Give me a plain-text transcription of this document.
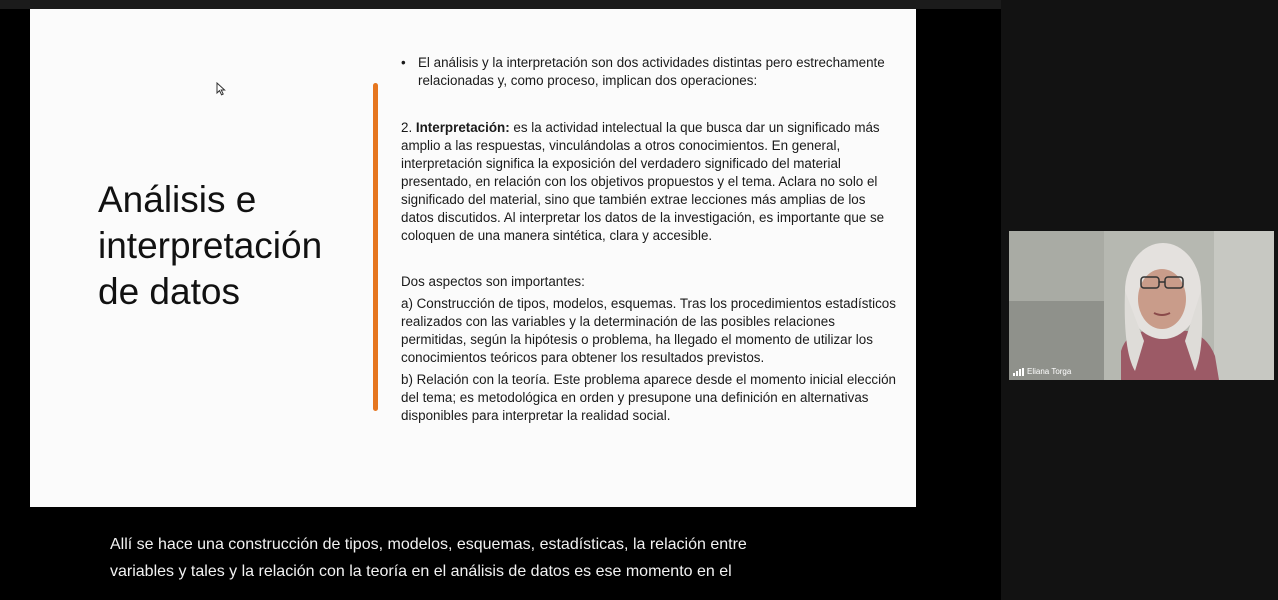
Análisis e interpretación de datos
• El análisis y la interpretación son dos actividades distintas pero estrechamente relacionadas y, como proceso, implican dos operaciones:

2. Interpretación: es la actividad intelectual la que busca dar un significado más amplio a las respuestas, vinculándolas a otros conocimientos. En general, interpretación significa la exposición del verdadero significado del material presentado, en relación con los objetivos propuestos y el tema. Aclara no solo el significado del material, sino que también extrae lecciones más amplias de los datos discutidos. Al interpretar los datos de la investigación, es importante que se coloquen de una manera sintética, clara y accesible.

Dos aspectos son importantes:

a) Construcción de tipos, modelos, esquemas. Tras los procedimientos estadísticos realizados con las variables y la determinación de las posibles relaciones permitidas, según la hipótesis o problema, ha llegado el momento de utilizar los conocimientos teóricos para obtener los resultados previstos.

b) Relación con la teoría. Este problema aparece desde el momento inicial elección del tema; es metodológica en orden y presupone una definición en alternativas disponibles para interpretar la realidad social.

Allí se hace una construcción de tipos, modelos, esquemas, estadísticas, la relación entre
variables y tales y la relación con la teoría en el análisis de datos es ese momento en el
Eliana Torga
